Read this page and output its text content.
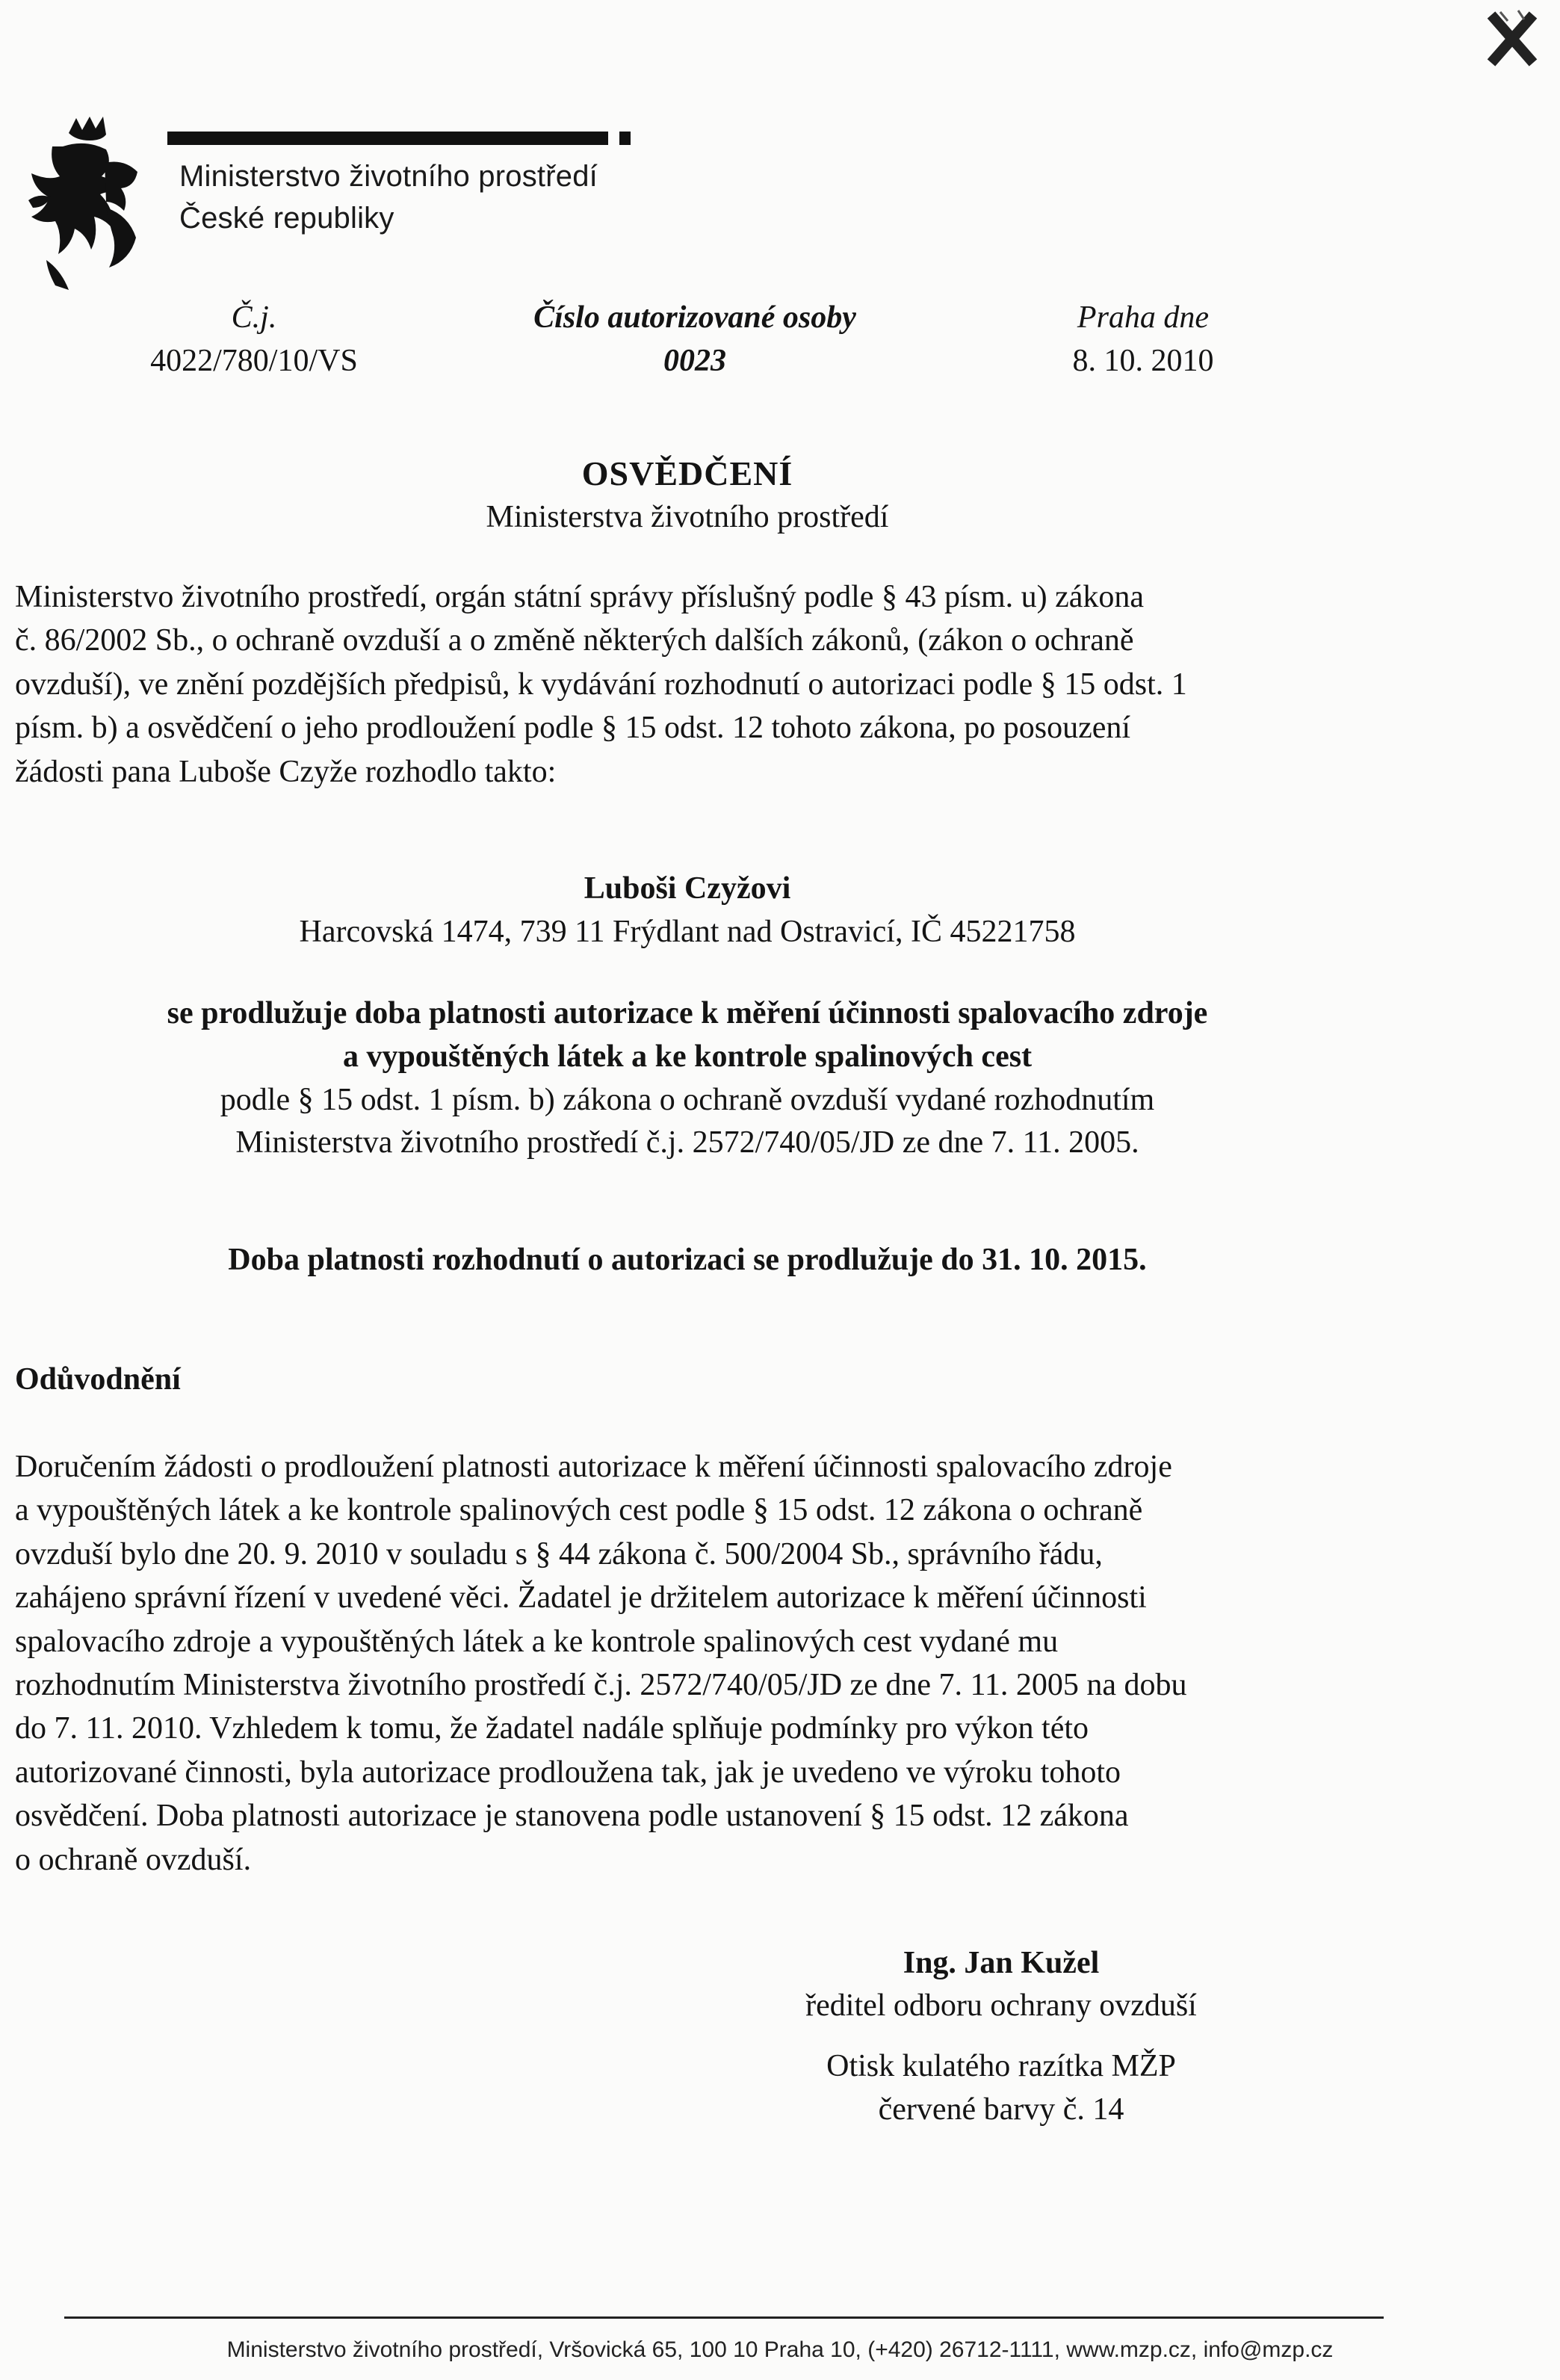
Ministerstvo životního prostředí
České republiky
Č.j.
4022/780/10/VS
Číslo autorizované osoby
0023
Praha dne
8. 10. 2010
OSVĚDČENÍ
Ministerstva životního prostředí
Ministerstvo životního prostředí, orgán státní správy příslušný podle § 43 písm. u) zákona
č. 86/2002 Sb., o ochraně ovzduší a o změně některých dalších zákonů, (zákon o ochraně
ovzduší), ve znění pozdějších předpisů, k vydávání rozhodnutí o autorizaci podle § 15 odst. 1
písm. b) a osvědčení o jeho prodloužení podle § 15 odst. 12 tohoto zákona, po posouzení
žádosti pana Luboše Czyže rozhodlo takto:
Luboši Czyžovi
Harcovská 1474, 739 11 Frýdlant nad Ostravicí, IČ 45221758
se prodlužuje doba platnosti autorizace k měření účinnosti spalovacího zdroje
a vypouštěných látek a ke kontrole spalinových cest
podle § 15 odst. 1 písm. b) zákona o ochraně ovzduší vydané rozhodnutím
Ministerstva životního prostředí č.j. 2572/740/05/JD ze dne 7. 11. 2005.
Doba platnosti rozhodnutí o autorizaci se prodlužuje do 31. 10. 2015.
Odůvodnění
Doručením žádosti o prodloužení platnosti autorizace k měření účinnosti spalovacího zdroje
a vypouštěných látek a ke kontrole spalinových cest podle § 15 odst. 12 zákona o ochraně
ovzduší bylo dne 20. 9. 2010 v souladu s § 44 zákona č. 500/2004 Sb., správního řádu,
zahájeno správní řízení v uvedené věci. Žadatel je držitelem autorizace k měření účinnosti
spalovacího zdroje a vypouštěných látek a ke kontrole spalinových cest vydané mu
rozhodnutím Ministerstva životního prostředí č.j. 2572/740/05/JD ze dne 7. 11. 2005 na dobu
do 7. 11. 2010. Vzhledem k tomu, že žadatel nadále splňuje podmínky pro výkon této
autorizované činnosti, byla autorizace prodloužena tak, jak je uvedeno ve výroku tohoto
osvědčení. Doba platnosti autorizace je stanovena podle ustanovení § 15 odst. 12 zákona
o ochraně ovzduší.
Ing. Jan Kužel
ředitel odboru ochrany ovzduší
Otisk kulatého razítka MŽP
červené barvy č. 14
Ministerstvo životního prostředí, Vršovická 65, 100 10 Praha 10, (+420) 26712-1111, www.mzp.cz, info@mzp.cz
